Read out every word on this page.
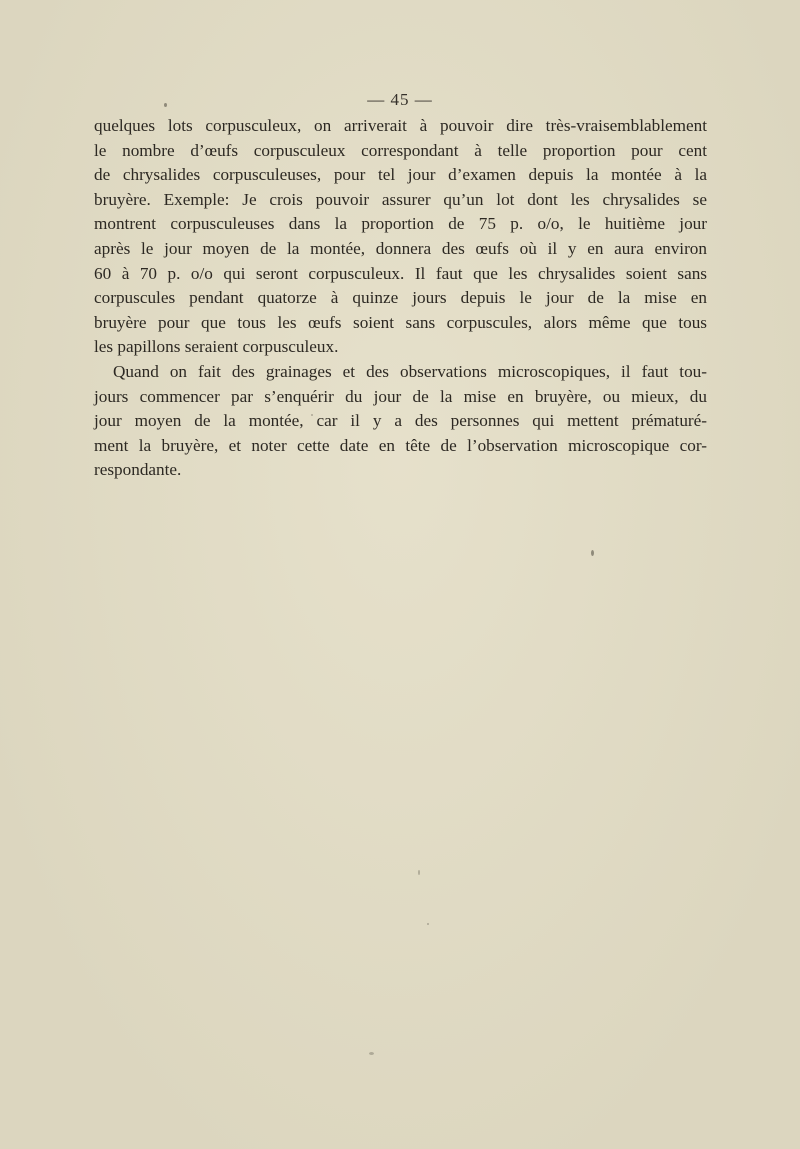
— 45 —
quelques lots corpusculeux, on arriverait à pouvoir dire très-vraisemblablement
le nombre d’œufs corpusculeux correspondant à telle proportion pour cent
de chrysalides corpusculeuses, pour tel jour d’examen depuis la montée à la
bruyère. Exemple: Je crois pouvoir assurer qu’un lot dont les chrysalides se
montrent corpusculeuses dans la proportion de 75 p. o/o, le huitième jour
après le jour moyen de la montée, donnera des œufs où il y en aura environ
60 à 70 p. o/o qui seront corpusculeux. Il faut que les chrysalides soient sans
corpuscules pendant quatorze à quinze jours depuis le jour de la mise en
bruyère pour que tous les œufs soient sans corpuscules, alors même que tous
les papillons seraient corpusculeux.
Quand on fait des grainages et des observations microscopiques, il faut tou-
jours commencer par s’enquérir du jour de la mise en bruyère, ou mieux, du
jour moyen de la montée, car il y a des personnes qui mettent prématuré-
ment la bruyère, et noter cette date en tête de l’observation microscopique cor-
respondante.
